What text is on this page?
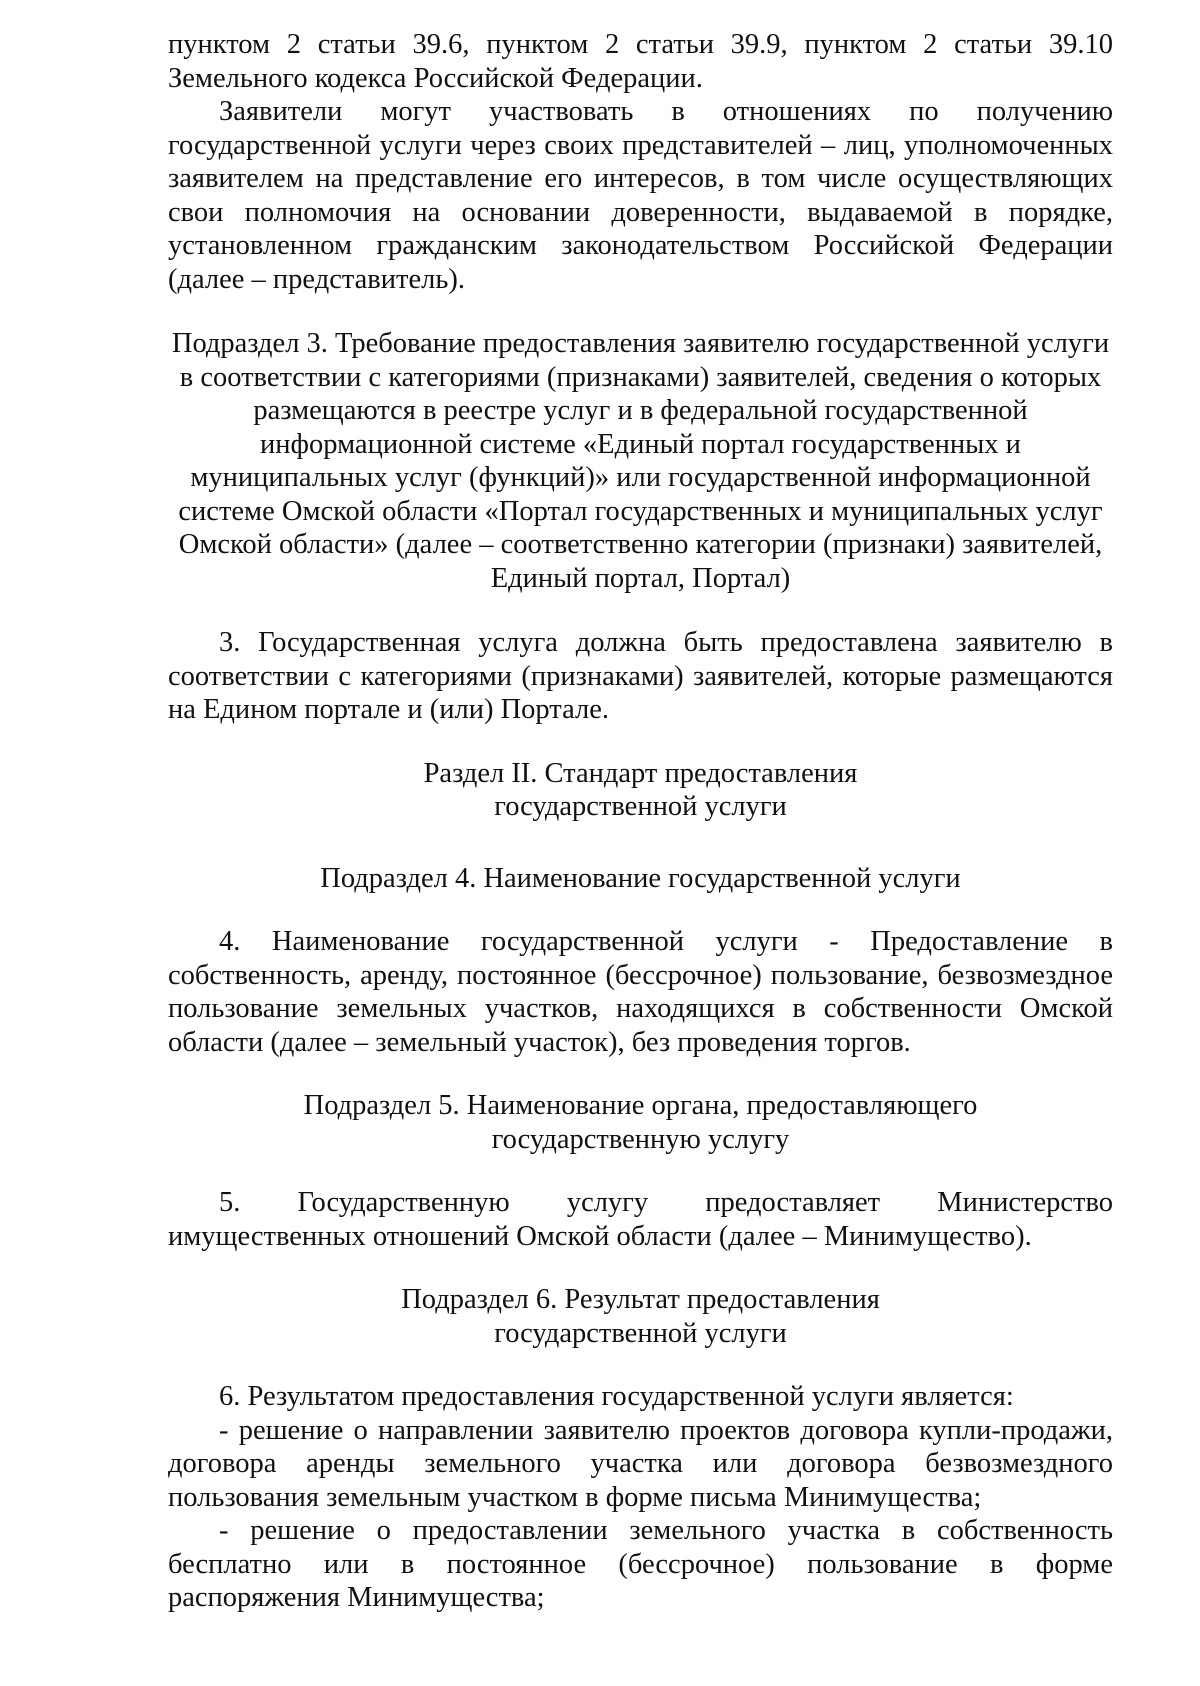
пунктом 2 статьи 39.6, пунктом 2 статьи 39.9, пунктом 2 статьи 39.10 Земельного кодекса Российской Федерации.

Заявители могут участвовать в отношениях по получению государственной услуги через своих представителей – лиц, уполномоченных заявителем на представление его интересов, в том числе осуществляющих свои полномочия на основании доверенности, выдаваемой в порядке, установленном гражданским законодательством Российской Федерации (далее – представитель).

Подраздел 3. Требование предоставления заявителю государственной услуги
в соответствии с категориями (признаками) заявителей, сведения о которых
размещаются в реестре услуг и в федеральной государственной
информационной системе «Единый портал государственных и
муниципальных услуг (функций)» или государственной информационной
системе Омской области «Портал государственных и муниципальных услуг
Омской области» (далее – соответственно категории (признаки) заявителей,
Единый портал, Портал)

3. Государственная услуга должна быть предоставлена заявителю в соответствии с категориями (признаками) заявителей, которые размещаются на Едином портале и (или) Портале.

Раздел II. Стандарт предоставления
государственной услуги
Подраздел 4. Наименование государственной услуги

4. Наименование государственной услуги - Предоставление в собственность, аренду, постоянное (бессрочное) пользование, безвозмездное пользование земельных участков, находящихся в собственности Омской области (далее – земельный участок), без проведения торгов.

Подраздел 5. Наименование органа, предоставляющего
государственную услугу

5. Государственную услугу предоставляет Министерство имущественных отношений Омской области (далее – Минимущество).

Подраздел 6. Результат предоставления
государственной услуги

6. Результатом предоставления государственной услуги является:

- решение о направлении заявителю проектов договора купли-продажи, договора аренды земельного участка или договора безвозмездного пользования земельным участком в форме письма Минимущества;

- решение о предоставлении земельного участка в собственность бесплатно или в постоянное (бессрочное) пользование в форме распоряжения Минимущества;
